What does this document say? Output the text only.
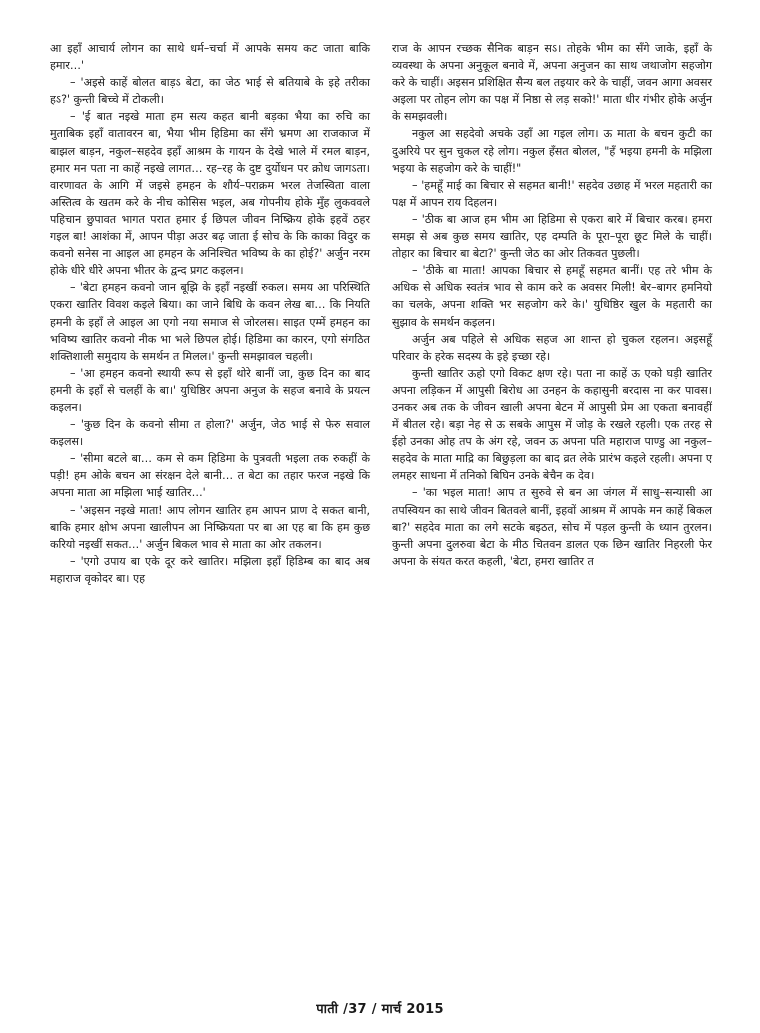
आ इहाँ आचार्य लोगन का साथे धर्म–चर्चा में आपके समय कट जाता बाकि हमार…'

– 'अइसे काहें बोलत बाड़ऽ बेटा, का जेठ भाई से बतियाबे के इहे तरीका हऽ?' कुन्ती बिच्चे में टोकली।

– 'ई बात नइखे माता हम सत्य कहत बानी बड़का भैया का रुचि का मुताबिक इहाँ वातावरन बा, भैया भीम हिडिमा का सँगे भ्रमण आ राजकाज में बाझल बाड़न, नकुल–सहदेव इहाँ आश्रम के गायन के देखे भाले में रमल बाड़न, हमार मन पता ना काहें नइखे लागत… रह–रह के दुष्ट दुर्योधन पर क्रोध जागऽता। वारणावत के आगि में जइसे हमहन के शौर्य–पराक्रम भरल तेजस्विता वाला अस्तित्व के खतम करे के नीच कोसिस भइल, अब गोपनीय होके मुँह लुकववले पहिचान छुपावत भागत परात हमार ई छिपल जीवन निष्क्रिय होके इहवें ठहर गइल बा! आशंका में, आपन पीड़ा अउर बढ़ जाता ई सोच के कि काका विदुर क कवनो सनेस ना आइल आ हमहन के अनिश्चित भविष्य के का होई?' अर्जुन नरम होके धीरे धीरे अपना भीतर के द्वन्द प्रगट कइलन।

– 'बेटा हमहन कवनो जान बूझि के इहाँ नइखीं रुकल। समय आ परिस्थिति एकरा खातिर विवश कइले बिया। का जाने बिधि के कवन लेख बा… कि नियति हमनी के इहाँ ले आइल आ एगो नया समाज से जोरलस। साइत एम्में हमहन का भविष्य खातिर कवनो नीक भा भले छिपल होई। हिडिमा का कारन, एगो संगठित शक्तिशाली समुदाय के समर्थन त मिलल।' कुन्ती समझावल चहली।

– 'आ हमहन कवनो स्थायी रूप से इहाँ थोरे बानीं जा, कुछ दिन का बाद हमनी के इहाँ से चलहीं के बा।' युधिष्ठिर अपना अनुज के सहज बनावे के प्रयत्न कइलन।

– 'कुछ दिन के कवनो सीमा त होला?' अर्जुन, जेठ भाई से फेरु सवाल कइलस।

– 'सीमा बटले बा… कम से कम हिडिमा के पुत्रवती भइला तक रुकहीं के पड़ी! हम ओके बचन आ संरक्षन देले बानी… त बेटा का तहार फरज नइखे कि अपना माता आ मझिला भाई खातिर…'

– 'अइसन नइखे माता! आप लोगन खातिर हम आपन प्राण दे सकत बानी, बाकि हमार क्षोभ अपना खालीपन आ निष्क्रियता पर बा आ एह बा कि हम कुछ करियो नइखीं सकत…' अर्जुन बिकल भाव से माता का ओर तकलन।

– 'एगो उपाय बा एके दूर करे खातिर। मझिला इहाँ हिडिम्ब का बाद अब महाराज वृकोदर बा। एह

राज के आपन रच्छक सैनिक बाड़न सऽ। तोहके भीम का सँगे जाके, इहाँ के व्यवस्था के अपना अनुकूल बनावे में, अपना अनुजन का साथ जथाजोग सहजोग करे के चाहीं। अइसन प्रशिक्षित सैन्य बल तइयार करे के चाहीं, जवन आगा अवसर अइला पर तोहन लोग का पक्ष में निष्ठा से लड़ सको!' माता धीर गंभीर होके अर्जुन के समझवली।

नकुल आ सहदेवो अचके उहाँ आ गइल लोग। ऊ माता के बचन कुटी का दुअरिये पर सुन चुकल रहे लोग। नकुल हँसत बोलल, "हँ भइया हमनी के मझिला भइया के सहजोग करे के चाहीं!"

– 'हमहूँ माई का बिचार से सहमत बानी!' सहदेव उछाह में भरल महतारी का पक्ष में आपन राय दिहलन।

– 'ठीक बा आज हम भीम आ हिडिमा से एकरा बारे में बिचार करब। हमरा समझ से अब कुछ समय खातिर, एह दम्पति के पूरा–पूरा छूट मिले के चाहीं। तोहार का बिचार बा बेटा?' कुन्ती जेठ का ओर तिकवत पुछली।

– 'ठीके बा माता! आपका बिचार से हमहूँ सहमत बानीं। एह तरे भीम के अधिक से अधिक स्वतंत्र भाव से काम करे क अवसर मिली! बेर–बागर हमनियो का चलके, अपना शक्ति भर सहजोग करे के।' युधिष्ठिर खुल के महतारी का सुझाव के समर्थन कइलन।

अर्जुन अब पहिले से अधिक सहज आ शान्त हो चुकल रहलन। अइसहूँ परिवार के हरेक सदस्य के इहे इच्छा रहे।

कुन्ती खातिर ऊहो एगो विकट क्षण रहे। पता ना काहें ऊ एको घड़ी खातिर अपना लड़िकन में आपुसी बिरोध आ उनहन के कहासुनी बरदास ना कर पावस। उनकर अब तक के जीवन खाली अपना बेटन में आपुसी प्रेम आ एकता बनावहीं में बीतल रहे। बड़ा नेह से ऊ सबके आपुस में जोड़ के रखले रहली। एक तरह से ईहो उनका ओह तप के अंग रहे, जवन ऊ अपना पति महाराज पाण्डु आ नकुल–सहदेव के माता माद्रि का बिछुड़ला का बाद व्रत लेके प्रारंभ कइले रहली। अपना ए लमहर साधना में तनिको बिघिन उनके बेचैन क देव।

– 'का भइल माता! आप त सुरुवे से बन आ जंगल में साधु–सन्यासी आ तपस्वियन का साथे जीवन बितवले बानीं, इहवों आश्रम में आपके मन काहें बिकल बा?' सहदेव माता का लगे सटके बइठत, सोच में पड़ल कुन्ती के ध्यान तुरलन। कुन्ती अपना दुलरुवा बेटा के मीठ चितवन डालत एक छिन खातिर निहरली फेर अपना के संयत करत कहली, 'बेटा, हमरा खातिर त

पाती /37 / मार्च 2015
